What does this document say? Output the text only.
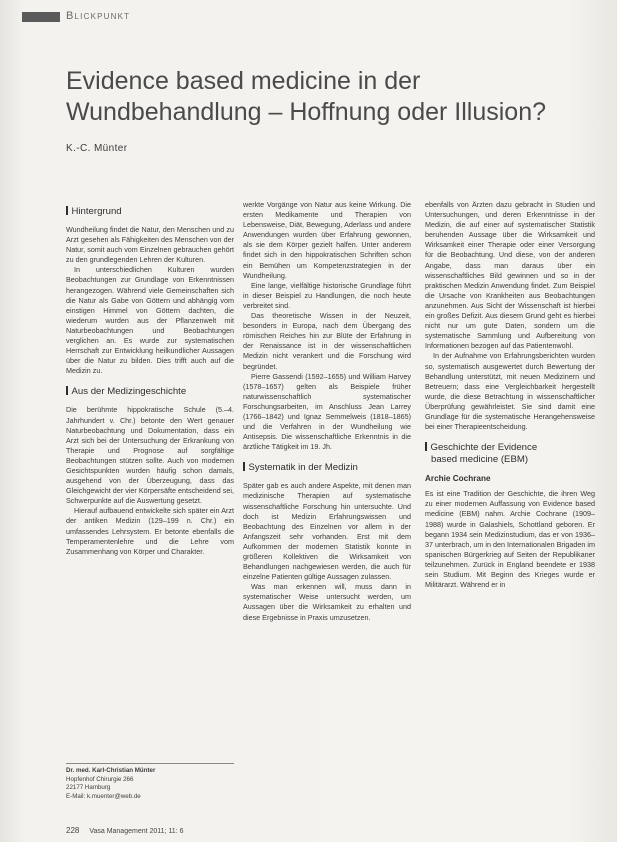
Blickpunkt
Evidence based medicine in der Wundbehandlung – Hoffnung oder Illusion?
K.-C. Münter
Hintergrund

Wundheilung findet die Natur, den Menschen und zu Arzt gesehen als Fähigkeiten des Menschen von der Natur, somit auch vom Einzelnen gebrauchen gehört zu den grundlegenden Lehren der Kulturen.

In unterschiedlichen Kulturen wurden Beobachtungen zur Grundlage von Erkenntnissen herangezogen. Während viele Gemeinschaften sich die Natur als Gabe von Göttern und abhängig vom einstigen Himmel von Göttern dachten, die wiederum wurden aus der Pflanzenwelt mit Naturbeobachtungen und Beobachtungen verglichen an. Es wurde zur systematischen Herrschaft zur Entwicklung heilkundlicher Aussagen über die Natur zu bilden. Dies trifft auch auf die Medizin zu.

Aus der Medizingeschichte

Die berühmte hippokratische Schule (5.–4. Jahrhundert v. Chr.) betonte den Wert genauer Naturbeobachtung und Dokumentation, dass ein Arzt sich bei der Untersuchung der Erkrankung von Therapie und Prognose auf sorgfältige Beobachtungen stützen sollte. Auch von modernen Gesichtspunkten wurden häufig schon damals, ausgehend von der Überzeugung, dass das Gleichgewicht der vier Körpersäfte entscheidend sei, Schwerpunkte auf die Auswertung gesetzt.

Hierauf aufbauend entwickelte sich später ein Arzt der antiken Medizin (129–199 n. Chr.) ein umfassendes Lehrsystem. Er betonte ebenfalls die Temperamentenlehre und die Lehre vom Zusammenhang von Körper und Charakter.

werkte Vorgänge von Natur aus keine Wirkung. Die ersten Medikamente und Therapien von Lebensweise, Diät, Bewegung, Aderlass und andere Anwendungen wurden über Erfahrung gewonnen, als sie dem Körper gezielt halfen. Unter anderem findet sich in den hippokratischen Schriften schon ein Bemühen um Kompetenzstrategien in der Wundheilung.

Eine lange, vielfältige historische Grundlage führt in dieser Beispiel zu Handlungen, die noch heute verbreitet sind.

Das theoretische Wissen in der Neuzeit, besonders in Europa, nach dem Übergang des römischen Reiches hin zur Blüte der Erfahrung in der Renaissance ist in der wissenschaftlichen Medizin nicht verankert und die Forschung wird begründet.

Pierre Gassendi (1592–1655) und William Harvey (1578–1657) gelten als Beispiele früher naturwissenschaftlich systematischer Forschungsarbeiten, im Anschluss Jean Larrey (1766–1842) und Ignaz Semmelweis (1818–1865) und die Verfahren in der Wundheilung wie Antisepsis. Die wissenschaftliche Erkenntnis in die ärztliche Tätigkeit im 19. Jh.

Systematik in der Medizin

Später gab es auch andere Aspekte, mit denen man medizinische Therapien auf systematische wissenschaftliche Forschung hin untersuchte. Und doch ist Medizin Erfahrungswissen und Beobachtung des Einzelnen vor allem in der Anfangszeit sehr vorhanden. Erst mit dem Aufkommen der modernen Statistik konnte in größeren Kollektiven die Wirksamkeit von Behandlungen nachgewiesen werden, die auch für einzelne Patienten gültige Aussagen zulassen.

Was man erkennen will, muss dann in systematischer Weise untersucht werden, um Aussagen über die Wirksamkeit zu erhalten und diese Ergebnisse in Praxis umzusetzen.

ebenfalls von Ärzten dazu gebracht in Studien und Untersuchungen, und deren Erkenntnisse in der Medizin, die auf einer auf systematischer Statistik beruhenden Aussage über die Wirksamkeit und Wirksamkeit einer Therapie oder einer Versorgung für die Beobachtung. Und diese, von der anderen Angabe, dass man daraus über ein wissenschaftliches Bild gewinnen und so in der praktischen Medizin Anwendung findet. Zum Beispiel die Ursache von Krankheiten aus Beobachtungen anzunehmen. Aus Sicht der Wissenschaft ist hierbei ein großes Defizit. Aus diesem Grund geht es hierbei nicht nur um gute Daten, sondern um die systematische Sammlung und Aufbereitung von Informationen bezogen auf das Patientenwohl.

In der Aufnahme von Erfahrungsberichten wurden so, systematisch ausgewertet durch Bewertung der Behandlung unterstützt, mit neuen Medizinern und Betreuern; dass eine Vergleichbarkeit hergestellt wurde, die diese Betrachtung in wissenschaftlicher Überprüfung gewährleistet. Sie sind damit eine Grundlage für die systematische Herangehensweise bei einer Therapieentscheidung.

Geschichte der Evidence
based medicine (EBM)
Archie Cochrane

Es ist eine Tradition der Geschichte, die ihren Weg zu einer modernen Auffassung von Evidence based medicine (EBM) nahm. Archie Cochrane (1909–1988) wurde in Galashiels, Schottland geboren. Er begann 1934 sein Medizinstudium, das er von 1936–37 unterbrach, um in den Internationalen Brigaden im spanischen Bürgerkrieg auf Seiten der Republikaner teilzunehmen. Zurück in England beendete er 1938 sein Studium. Mit Beginn des Krieges wurde er Militärarzt. Während er in

Dr. med. Karl-Christian Münter
Hopfenhof Chirurgie 266
22177 Hamburg
E-Mail: k.muenter@web.de
228 Vasa Management 2011; 11: 6
